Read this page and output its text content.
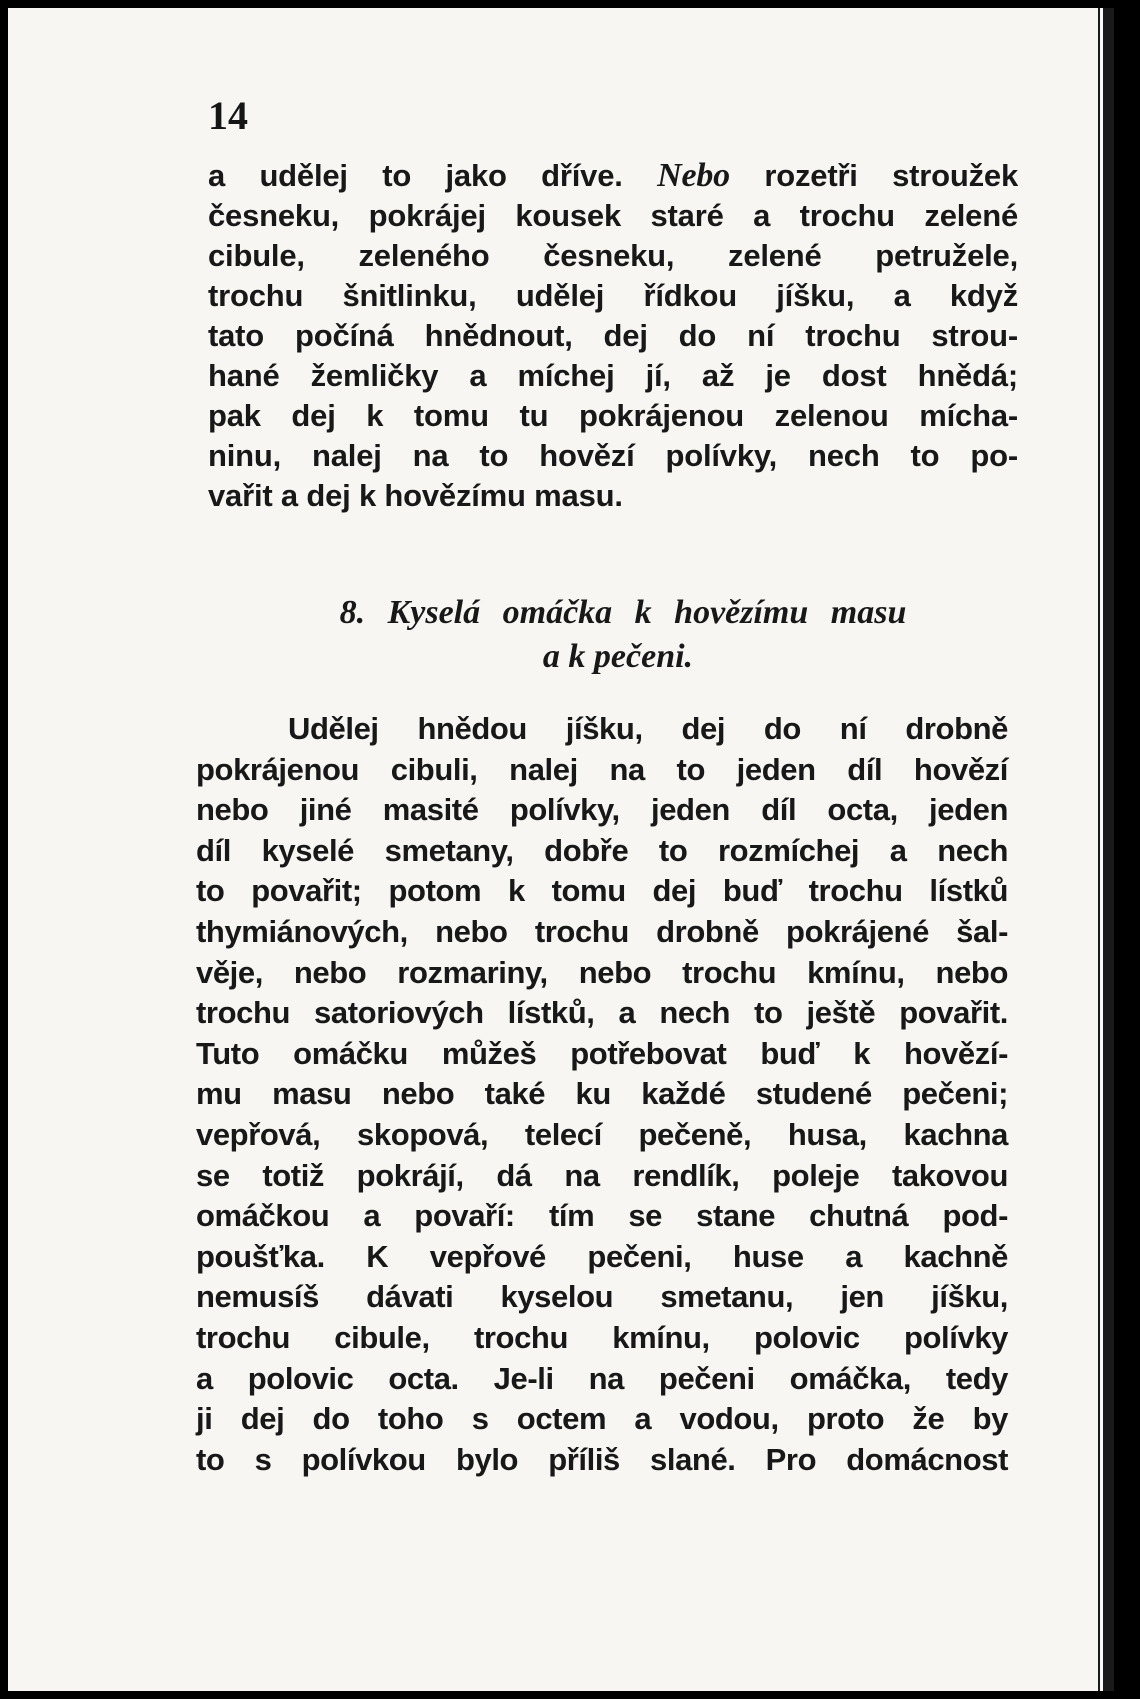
14
a udělej to jako dříve. Nebo rozetři stroužek
česneku, pokrájej kousek staré a trochu zelené
cibule, zeleného česneku, zelené petružele,
trochu šnitlinku, udělej řídkou jíšku, a když
tato počíná hnědnout, dej do ní trochu strou-
hané žemličky a míchej jí, až je dost hnědá;
pak dej k tomu tu pokrájenou zelenou mícha-
ninu, nalej na to hovězí polívky, nech to po-
vařit a dej k hovězímu masu.
8. Kyselá omáčka k hovězímu masu
a k pečeni.
Udělej hnědou jíšku, dej do ní drobně
pokrájenou cibuli, nalej na to jeden díl hovězí
nebo jiné masité polívky, jeden díl octa, jeden
díl kyselé smetany, dobře to rozmíchej a nech
to povařit; potom k tomu dej buď trochu lístků
thymiánových, nebo trochu drobně pokrájené šal-
věje, nebo rozmariny, nebo trochu kmínu, nebo
trochu satoriových lístků, a nech to ještě povařit.
Tuto omáčku můžeš potřebovat buď k hovězí-
mu masu nebo také ku každé studené pečeni;
vepřová, skopová, telecí pečeně, husa, kachna
se totiž pokrájí, dá na rendlík, poleje takovou
omáčkou a povaří: tím se stane chutná pod-
poušťka. K vepřové pečeni, huse a kachně
nemusíš dávati kyselou smetanu, jen jíšku,
trochu cibule, trochu kmínu, polovic polívky
a polovic octa. Je-li na pečeni omáčka, tedy
ji dej do toho s octem a vodou, proto že by
to s polívkou bylo příliš slané. Pro domácnost
